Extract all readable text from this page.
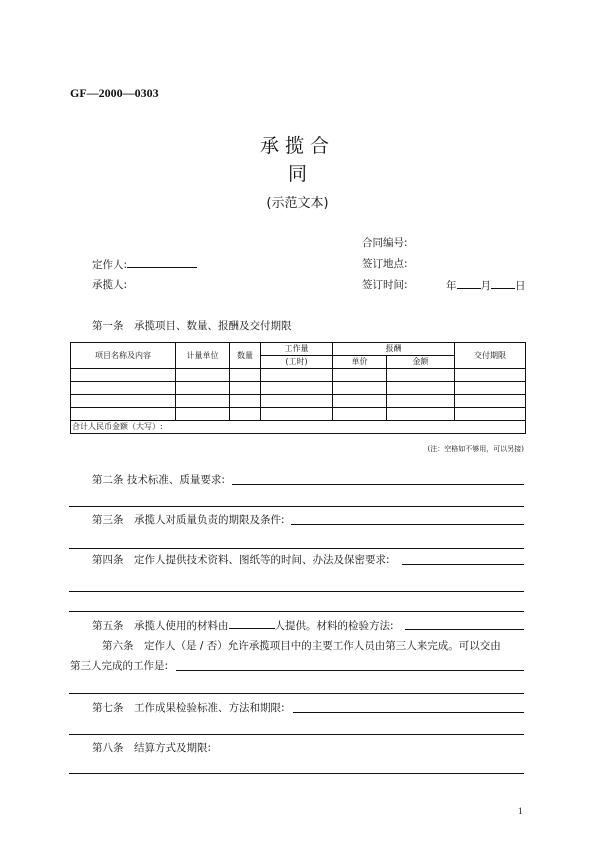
GF—2000—0303
承揽合
同
(示范文本)
合同编号:
定作人:	签订地点:
承揽人:	签订时间:	年 月 日
第一条　承揽项目、数量、报酬及交付期限
项目名称及内容	计量单位	数量	工作量	报酬		交付期限
			(工时)	单价	金额	

合计人民币金额（大写）:						
(注：空格如不够用，可以另接)
第二条 技术标准、质量要求:
第三条　承揽人对质量负责的期限及条件:
第四条　定作人提供技术资料、图纸等的时间、办法及保密要求:
第五条　承揽人使用的材料由	人提供。材料的检验方法:
第六条　定作人（是 / 否）允许承揽项目中的主要工作人员由第三人来完成。可以交由
第三人完成的工作是:
第七条　工作成果检验标准、方法和期限:
第八条　结算方式及期限:
1
